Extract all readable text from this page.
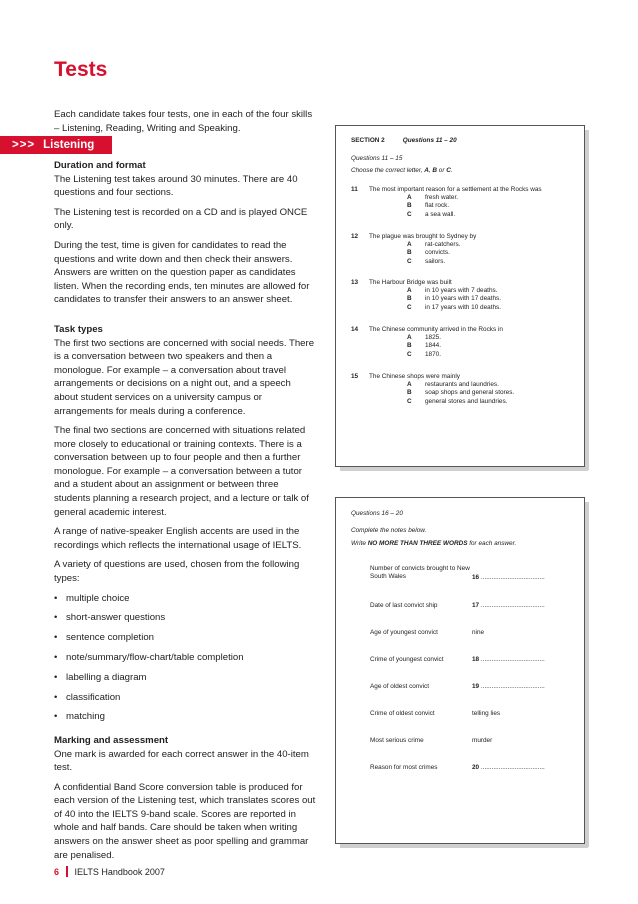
Tests

Each candidate takes four tests, one in each of the four skills – Listening, Reading, Writing and Speaking.

>>> Listening
Duration and format

The Listening test takes around 30 minutes. There are 40 questions and four sections.

The Listening test is recorded on a CD and is played ONCE only.

During the test, time is given for candidates to read the questions and write down and then check their answers. Answers are written on the question paper as candidates listen. When the recording ends, ten minutes are allowed for candidates to transfer their answers to an answer sheet.

Task types

The first two sections are concerned with social needs. There is a conversation between two speakers and then a monologue. For example – a conversation about travel arrangements or decisions on a night out, and a speech about student services on a university campus or arrangements for meals during a conference.

The final two sections are concerned with situations related more closely to educational or training contexts. There is a conversation between up to four people and then a further monologue. For example – a conversation between a tutor and a student about an assignment or between three students planning a research project, and a lecture or talk of general academic interest.

A range of native-speaker English accents are used in the recordings which reflects the international usage of IELTS.

A variety of questions are used, chosen from the following types:

• multiple choice
• short-answer questions
• sentence completion
• note/summary/flow-chart/table completion
• labelling a diagram
• classification
• matching
Marking and assessment

One mark is awarded for each correct answer in the 40-item test.

A confidential Band Score conversion table is produced for each version of the Listening test, which translates scores out of 40 into the IELTS 9-band scale. Scores are reported in whole and half bands. Care should be taken when writing answers on the answer sheet as poor spelling and grammar are penalised.

SECTION 2	Questions 11 – 20
Questions 11 – 15
Choose the correct letter, A, B or C.
11 The most important reason for a settlement at the Rocks was
A	fresh water.
B	flat rock.
C	a sea wall.
12 The plague was brought to Sydney by
A	rat-catchers.
B	convicts.
C	sailors.
13 The Harbour Bridge was built
A	in 10 years with 7 deaths.
B	in 10 years with 17 deaths.
C	in 17 years with 10 deaths.
14 The Chinese community arrived in the Rocks in
A	1825.
B	1844.
C	1870.
15 The Chinese shops were mainly
A	restaurants and laundries.
B	soap shops and general stores.
C	general stores and laundries.
Questions 16 – 20
Complete the notes below.
Write NO MORE THAN THREE WORDS for each answer.
Number of convicts brought to New South Wales	16 ....................................
Date of last convict ship	17 ....................................
Age of youngest convict	nine
Crime of youngest convict	18 ....................................
Age of oldest convict	19 ....................................
Crime of oldest convict	telling lies
Most serious crime	murder
Reason for most crimes	20 ....................................
6 IELTS Handbook 2007
